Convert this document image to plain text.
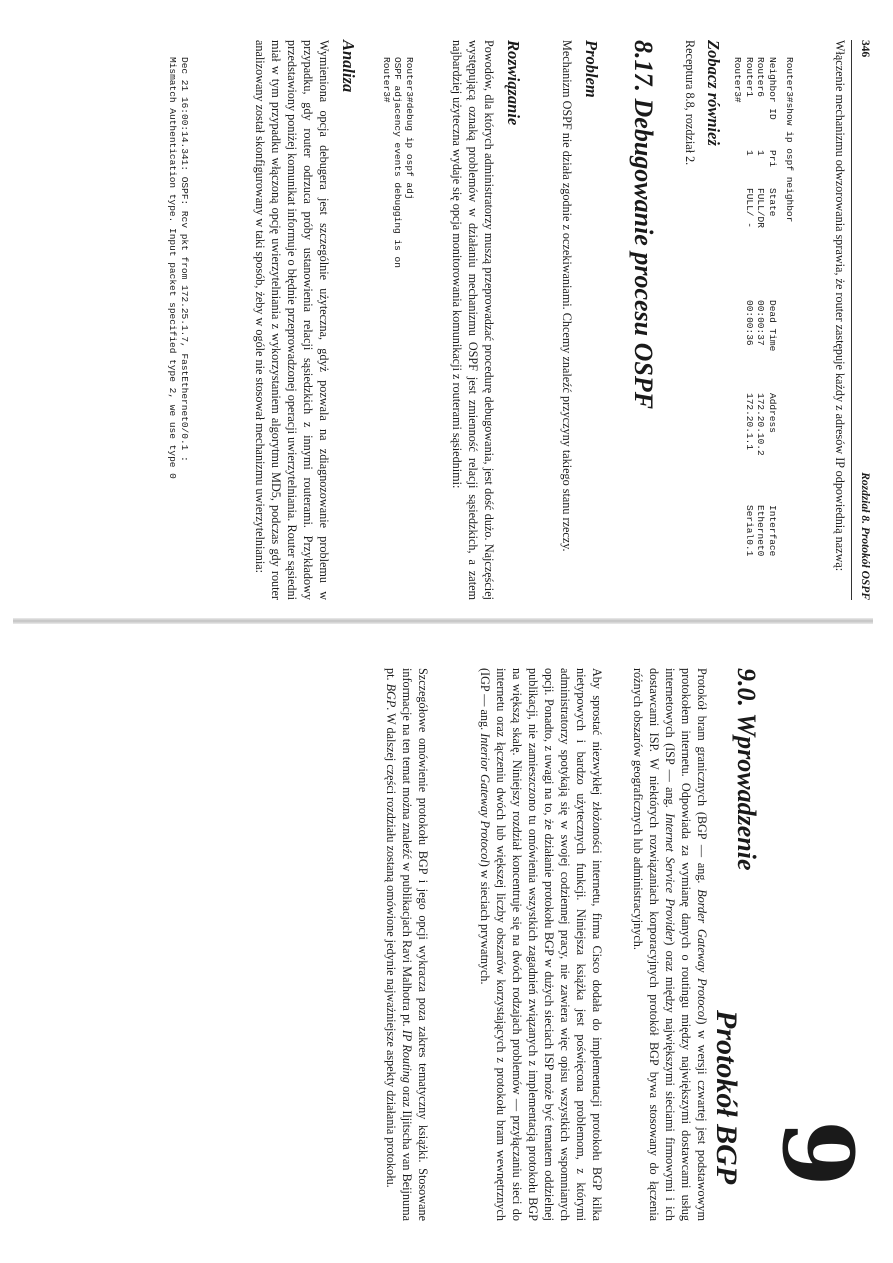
346
Rozdział 8. Protokół OSPF

Włączenie mechanizmu odwzorowania sprawia, że router zastępuje każdy z adresów IP odpowiednią nazwą:

Router3#show ip ospf neighbor
Neighbor ID	Pri	State	Dead Time	Address	Interface
Router6	1	FULL/DR	00:00:37	172.20.10.2	Ethernet0
Router1	1	FULL/ -	00:00:36	172.20.1.1	Serial0.1
Router3#					
Zobacz również

Receptura 8.8, rozdział 2.

8.17. Debugowanie procesu OSPF
Problem

Mechanizm OSPF nie działa zgodnie z oczekiwaniami. Chcemy znaleźć przyczyny takiego stanu rzeczy.

Rozwiązanie

Powodów, dla których administratorzy muszą przeprowadzać procedurę debugowania, jest dość dużo. Najczęściej występującą oznaką problemów w działaniu mechanizmu OSPF jest zmienność relacji sąsiedzkich, a zatem najbardziej użyteczna wydaje się opcja monitorowania komunikacji z routerami sąsiednimi:

Router3#debug ip ospf adj
OSPF adjacency events debugging is on
Router3#
Analiza

Wymieniona opcja debugera jest szczególnie użyteczna, gdyż pozwala na zdiagnozowanie problemu w przypadku, gdy router odrzuca próby ustanowienia relacji sąsiedzkich z innymi routerami. Przykładowy przedstawiony poniżej komunikat informuje o błędnie przeprowadzonej operacji uwierzytelniania. Router sąsiedni miał w tym przypadku włączoną opcję uwierzytelniania z wykorzystaniem algorytmu MD5, podczas gdy router analizowany został skonfigurowany w taki sposób, żeby w ogóle nie stosował mechanizmu uwierzytelniania:

Dec 21 16:00:14.341: OSPF: Rcv pkt from 172.25.1.7, FastEthernet0/0.1 :
Mismatch Authentication type. Input packet specified type 2, we use type 0
9
Protokół BGP
9.0. Wprowadzenie

Protokół bram granicznych (BGP — ang. Border Gateway Protocol) w wersji czwartej jest podstawowym protokołem internetu. Odpowiada za wymianę danych o routingu między największymi dostawcami usług internetowych (ISP — ang. Internet Service Provider) oraz między największymi sieciami firmowymi i ich dostawcami ISP. W niektórych rozwiązaniach korporacyjnych protokół BGP bywa stosowany do łączenia różnych obszarów geograficznych lub administracyjnych.

Aby sprostać niezwykłej złożoności internetu, firma Cisco dodała do implementacji protokołu BGP kilka nietypowych i bardzo użytecznych funkcji. Niniejsza książka jest poświęcona problemom, z którymi administratorzy spotykają się w swojej codziennej pracy, nie zawiera więc opisu wszystkich wspomnianych opcji. Ponadto, z uwagi na to, że działanie protokołu BGP w dużych sieciach ISP może być tematem oddzielnej publikacji, nie zamieszczono tu omówienia wszystkich zagadnień związanych z implementacją protokołu BGP na większą skalę. Niniejszy rozdział koncentruje się na dwóch rodzajach problemów — przyłączaniu sieci do internetu oraz łączeniu dwóch lub większej liczby obszarów korzystających z protokołu bram wewnętrznych (IGP — ang. Interior Gateway Protocol) w sieciach prywatnych.

Szczegółowe omówienie protokołu BGP i jego opcji wykracza poza zakres tematyczny książki. Stosowane informacje na ten temat można znaleźć w publikacjach Ravi Malhotra pt. IP Routing oraz Iljitscha van Beijnuma pt. BGP. W dalszej części rozdziału zostaną omówione jedynie najważniejsze aspekty działania protokołu.
